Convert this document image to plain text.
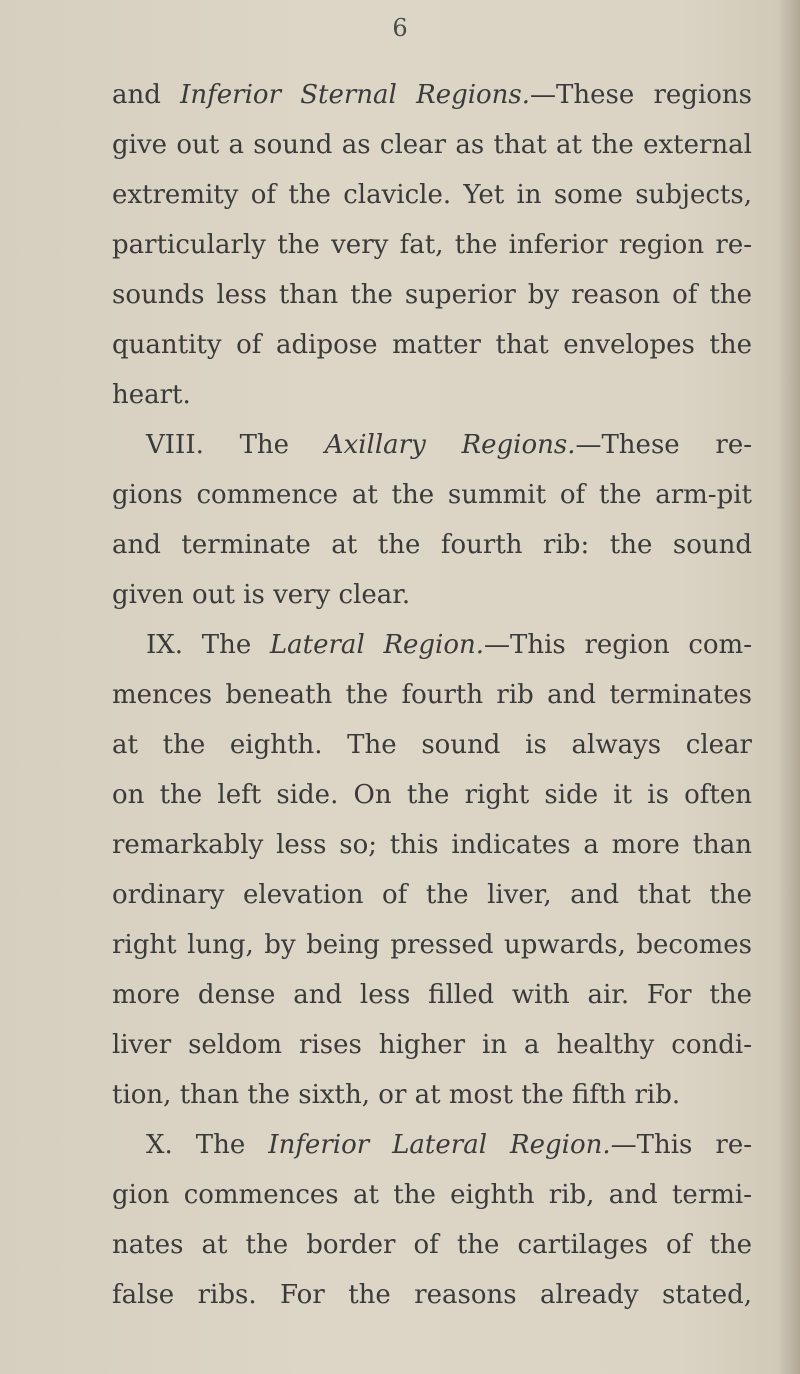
6
and Inferior Sternal Regions.—These regions
give out a sound as clear as that at the external
extremity of the clavicle. Yet in some subjects,
particularly the very fat, the inferior region re-
sounds less than the superior by reason of the
quantity of adipose matter that envelopes the
heart.
VIII. The Axillary Regions.—These re-
gions commence at the summit of the arm-pit
and terminate at the fourth rib: the sound
given out is very clear.
IX. The Lateral Region.—This region com-
mences beneath the fourth rib and terminates
at the eighth. The sound is always clear
on the left side. On the right side it is often
remarkably less so; this indicates a more than
ordinary elevation of the liver, and that the
right lung, by being pressed upwards, becomes
more dense and less filled with air. For the
liver seldom rises higher in a healthy condi-
tion, than the sixth, or at most the fifth rib.
X. The Inferior Lateral Region.—This re-
gion commences at the eighth rib, and termi-
nates at the border of the cartilages of the
false ribs. For the reasons already stated,
